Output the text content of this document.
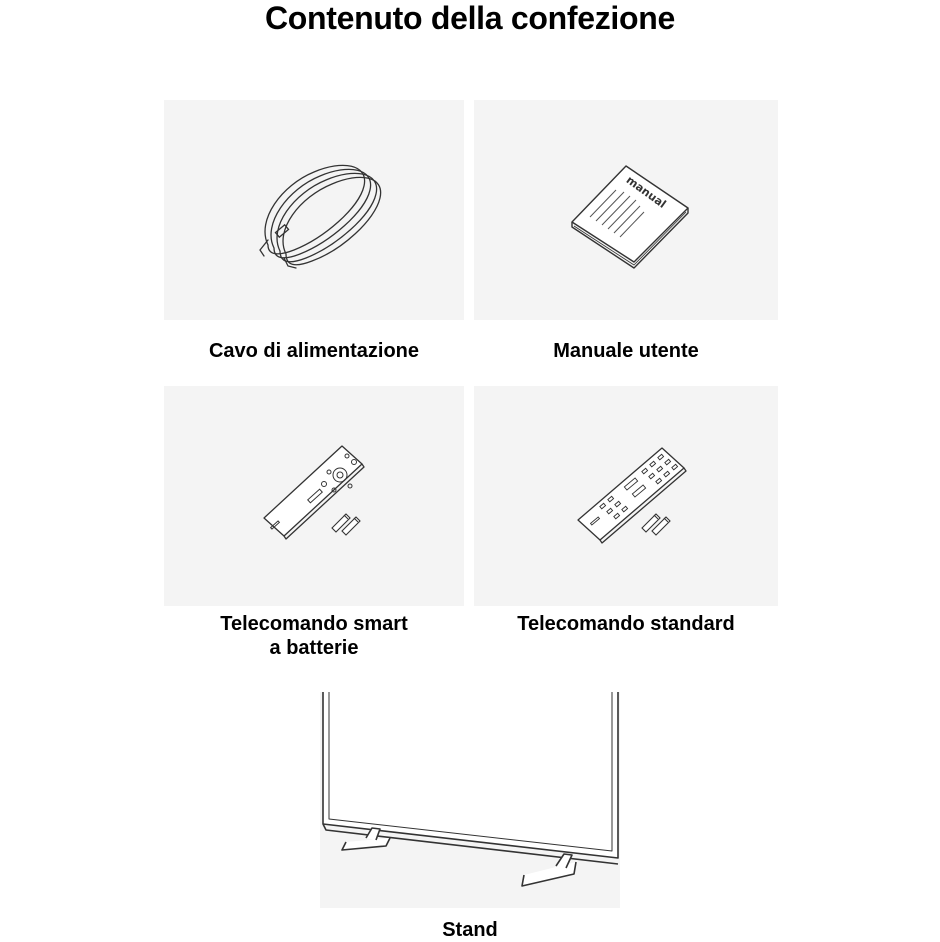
Contenuto della confezione
Cavo di alimentazione
manual
Manuale utente
Telecomando smart
a batterie
Telecomando standard
Stand
